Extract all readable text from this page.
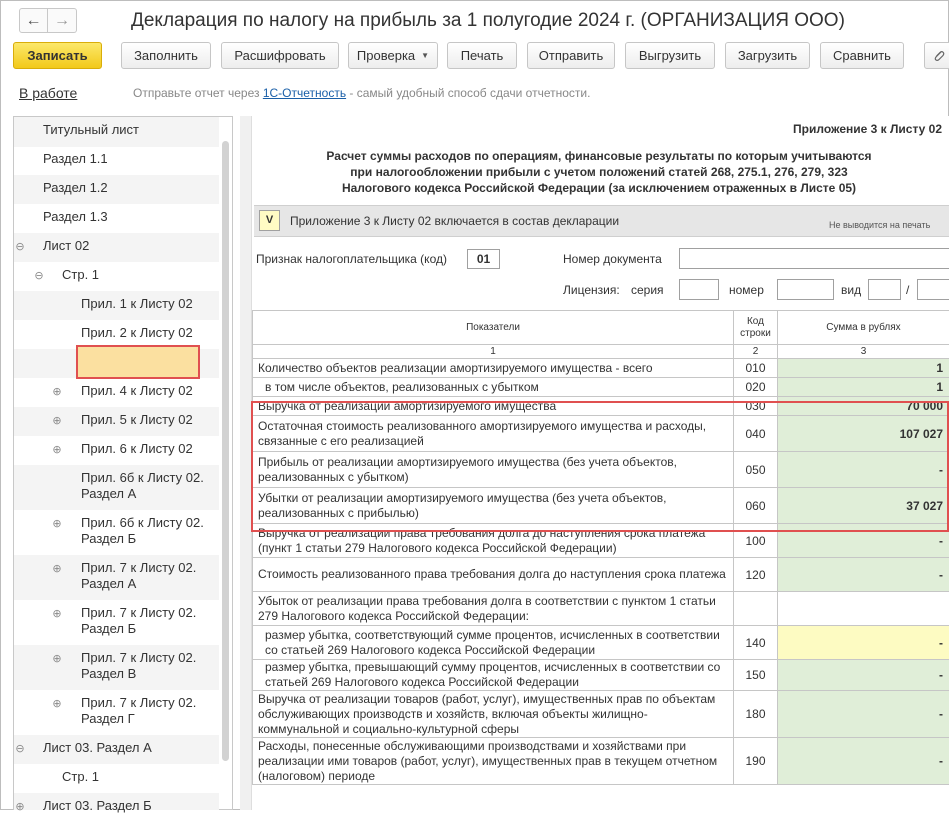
← →	Декларация по налогу на прибыль за 1 полугодие 2024 г. (ОРГАНИЗАЦИЯ ООО)
Записать	Заполнить	Расшифровать	Проверка ▼	Печать	Отправить	Выгрузить	Загрузить	Сравнить
В работе	Отправьте отчет через 1С-Отчетность - самый удобный способ сдачи отчетности.
Титульный лист
Раздел 1.1
Раздел 1.2
Раздел 1.3
⊖ Лист 02
⊖ Стр. 1
Прил. 1 к Листу 02
Прил. 2 к Листу 02
⊕ Прил. 4 к Листу 02
⊕ Прил. 5 к Листу 02
⊕ Прил. 6 к Листу 02
Прил. 6б к Листу 02.
Раздел А
⊕ Прил. 6б к Листу 02.
Раздел Б
⊕ Прил. 7 к Листу 02.
Раздел А
⊕ Прил. 7 к Листу 02.
Раздел Б
⊕ Прил. 7 к Листу 02.
Раздел В
⊕ Прил. 7 к Листу 02.
Раздел Г
⊖ Лист 03. Раздел А
Стр. 1
⊕ Лист 03. Раздел Б
Приложение 3 к Листу 02
Расчет суммы расходов по операциям, финансовые результаты по которым учитываются
при налогообложении прибыли с учетом положений статей 268, 275.1, 276, 279, 323
Налогового кодекса Российской Федерации (за исключением отраженных в Листе 05)
V	Приложение 3 к Листу 02 включается в состав декларации	Не выводится на печать
Признак налогоплательщика (код)	01	Номер документа
Лицензия: серия	номер	вид	/
Показатели	Код
строки	Сумма в рублях
1	2	3
Количество объектов реализации амортизируемого имущества - всего	010	1
в том числе объектов, реализованных с убытком	020	1
Выручка от реализации амортизируемого имущества	030	70 000
Остаточная стоимость реализованного амортизируемого имущества и расходы, связанные с его реализацией	040	107 027
Прибыль от реализации амортизируемого имущества (без учета объектов, реализованных с убытком)	050	-
Убытки от реализации амортизируемого имущества (без учета объектов, реализованных с прибылью)	060	37 027
Выручка от реализации права требования долга до наступления срока платежа (пункт 1 статьи 279 Налогового кодекса Российской Федерации)	100	-
Стоимость реализованного права требования долга до наступления срока платежа	120	-
Убыток от реализации права требования долга в соответствии с пунктом 1 статьи 279 Налогового кодекса Российской Федерации:		
размер убытка, соответствующий сумме процентов, исчисленных в соответствии со статьей 269 Налогового кодекса Российской Федерации	140	-
размер убытка, превышающий сумму процентов, исчисленных в соответствии со статьей 269 Налогового кодекса Российской Федерации	150	-
Выручка от реализации товаров (работ, услуг), имущественных прав по объектам обслуживающих производств и хозяйств, включая объекты жилищно-коммунальной и социально-культурной сферы	180	-
Расходы, понесенные обслуживающими производствами и хозяйствами при реализации ими товаров (работ, услуг), имущественных прав в текущем отчетном (налоговом) периоде	190	-
